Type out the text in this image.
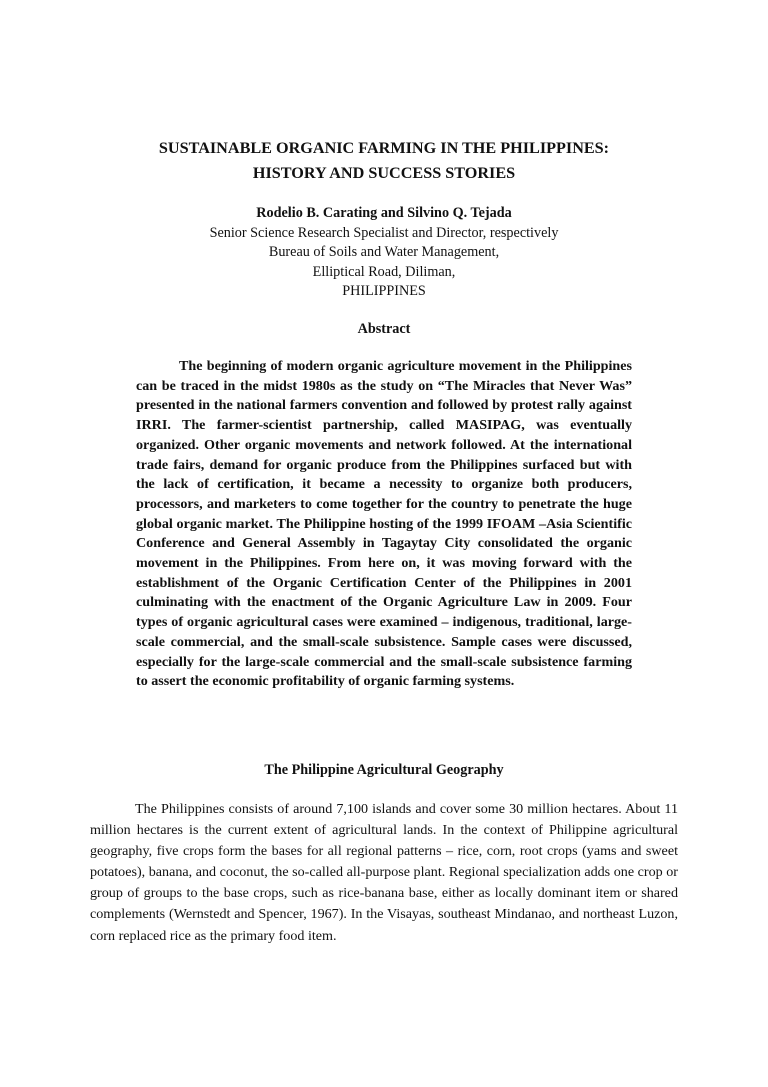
SUSTAINABLE ORGANIC FARMING IN THE PHILIPPINES:
HISTORY AND SUCCESS STORIES
Rodelio B. Carating and Silvino Q. Tejada
Senior Science Research Specialist and Director, respectively
Bureau of Soils and Water Management,
Elliptical Road, Diliman,
PHILIPPINES
Abstract

The beginning of modern organic agriculture movement in the Philippines can be traced in the midst 1980s as the study on “The Miracles that Never Was” presented in the national farmers convention and followed by protest rally against IRRI. The farmer-scientist partnership, called MASIPAG, was eventually organized. Other organic movements and network followed. At the international trade fairs, demand for organic produce from the Philippines surfaced but with the lack of certification, it became a necessity to organize both producers, processors, and marketers to come together for the country to penetrate the huge global organic market. The Philippine hosting of the 1999 IFOAM –Asia Scientific Conference and General Assembly in Tagaytay City consolidated the organic movement in the Philippines. From here on, it was moving forward with the establishment of the Organic Certification Center of the Philippines in 2001 culminating with the enactment of the Organic Agriculture Law in 2009. Four types of organic agricultural cases were examined – indigenous, traditional, large-scale commercial, and the small-scale subsistence. Sample cases were discussed, especially for the large-scale commercial and the small-scale subsistence farming to assert the economic profitability of organic farming systems.

The Philippine Agricultural Geography

The Philippines consists of around 7,100 islands and cover some 30 million hectares. About 11 million hectares is the current extent of agricultural lands. In the context of Philippine agricultural geography, five crops form the bases for all regional patterns – rice, corn, root crops (yams and sweet potatoes), banana, and coconut, the so-called all-purpose plant. Regional specialization adds one crop or group of groups to the base crops, such as rice-banana base, either as locally dominant item or shared complements (Wernstedt and Spencer, 1967). In the Visayas, southeast Mindanao, and northeast Luzon, corn replaced rice as the primary food item.
